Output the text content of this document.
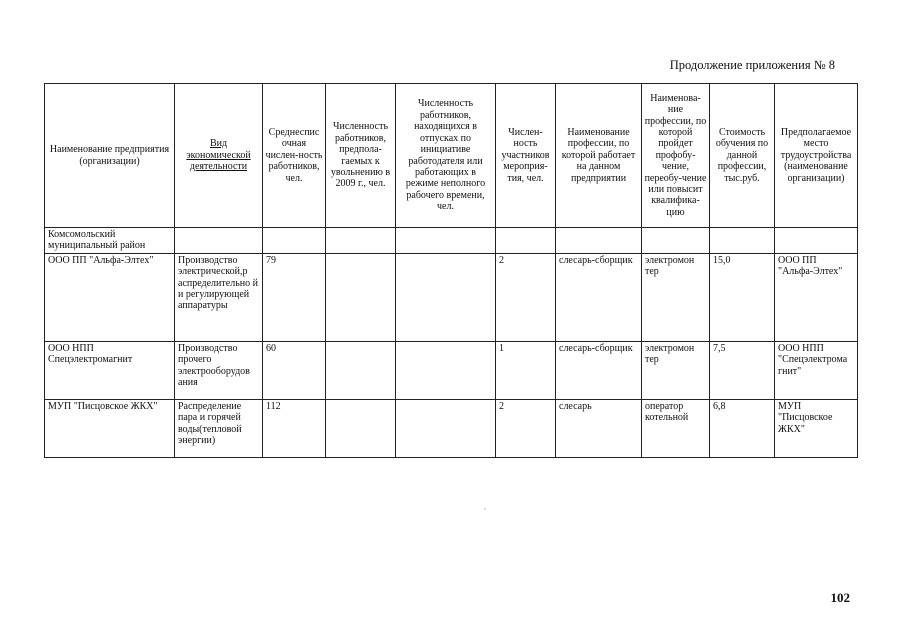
Продолжение приложения № 8
Наименование предприятия (организации)	Вид экономической деятельности	Среднеспис очная числен-ность работников, чел.	Численность работников, предпола-гаемых к увольнению в 2009 г., чел.	Численность работников, находящихся в отпусках по инициативе работодателя или работающих в режиме неполного рабочего времени, чел.	Числен-ность участников мероприя-тия, чел.	Наименование профессии, по которой работает на данном предприятии	Наименова-ние профессии, по которой пройдет профобу-чение, переобу-чение или повысит квалифика-цию	Стоимость обучения по данной профессии, тыс.руб.	Предполагаемое место трудоустройства (наименование организации)
Комсомольский муниципальный район									
ООО ПП "Альфа-Элтех"	Производство электрической,р аспределительно й и регулирующей аппаратуры	79			2	слесарь-сборщик	электромон тер	15,0	ООО ПП "Альфа-Элтех"
ООО НПП Спецэлектромагнит	Производство прочего электрооборудов ания	60			1	слесарь-сборщик	электромон тер	7,5	ООО НПП "Спецэлектрома гнит"
МУП "Писцовское ЖКХ"	Распределение пара и горячей воды(тепловой энергии)	112			2	слесарь	оператор котельной	6,8	МУП "Писцовское ЖКХ"
102
